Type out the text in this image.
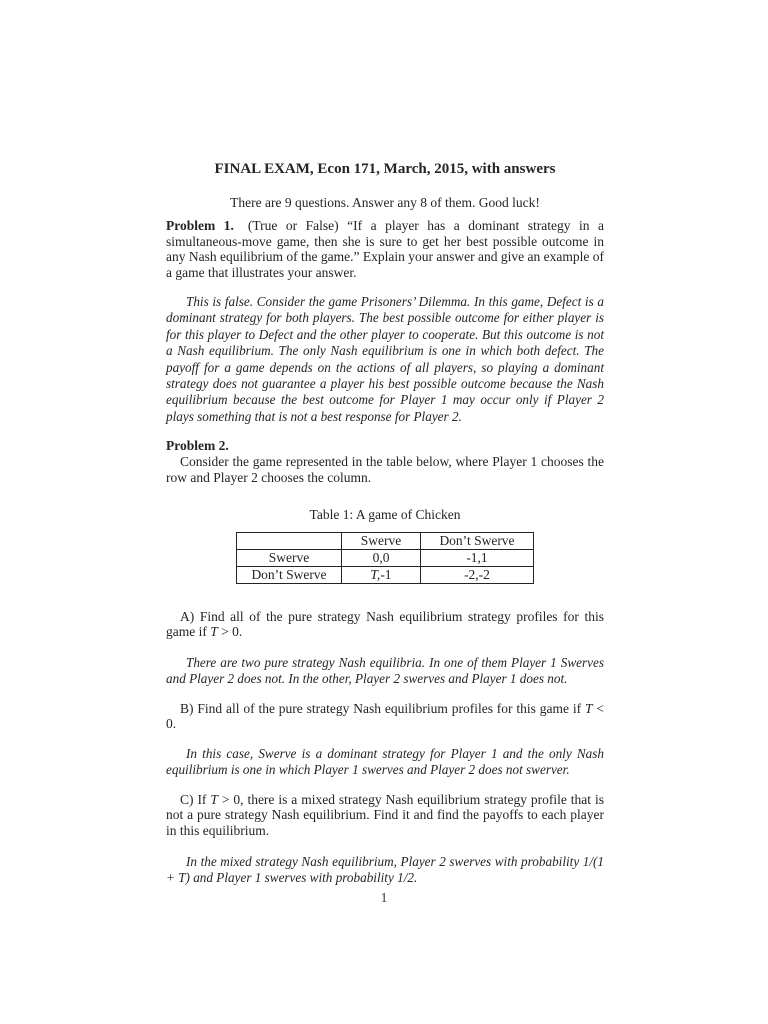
FINAL EXAM, Econ 171, March, 2015, with answers
There are 9 questions. Answer any 8 of them. Good luck!

Problem 1. (True or False) “If a player has a dominant strategy in a simultaneous-move game, then she is sure to get her best possible outcome in any Nash equilibrium of the game.” Explain your answer and give an example of a game that illustrates your answer.

This is false. Consider the game Prisoners’ Dilemma. In this game, Defect is a dominant strategy for both players. The best possible outcome for either player is for this player to Defect and the other player to cooperate. But this outcome is not a Nash equilibrium. The only Nash equilibrium is one in which both defect. The payoff for a game depends on the actions of all players, so playing a dominant strategy does not guarantee a player his best possible outcome because the Nash equilibrium because the best outcome for Player 1 may occur only if Player 2 plays something that is not a best response for Player 2.

Problem 2.

Consider the game represented in the table below, where Player 1 chooses the row and Player 2 chooses the column.

Table 1: A game of Chicken
	Swerve	Don’t Swerve
Swerve	0,0	-1,1
Don’t Swerve	T,-1	-2,-2

A) Find all of the pure strategy Nash equilibrium strategy profiles for this game if T > 0.

There are two pure strategy Nash equilibria. In one of them Player 1 Swerves and Player 2 does not. In the other, Player 2 swerves and Player 1 does not.

B) Find all of the pure strategy Nash equilibrium profiles for this game if T < 0.

In this case, Swerve is a dominant strategy for Player 1 and the only Nash equilibrium is one in which Player 1 swerves and Player 2 does not swerver.

C) If T > 0, there is a mixed strategy Nash equilibrium strategy profile that is not a pure strategy Nash equilibrium. Find it and find the payoffs to each player in this equilibrium.

In the mixed strategy Nash equilibrium, Player 2 swerves with probability 1/(1 + T) and Player 1 swerves with probability 1/2.

1
